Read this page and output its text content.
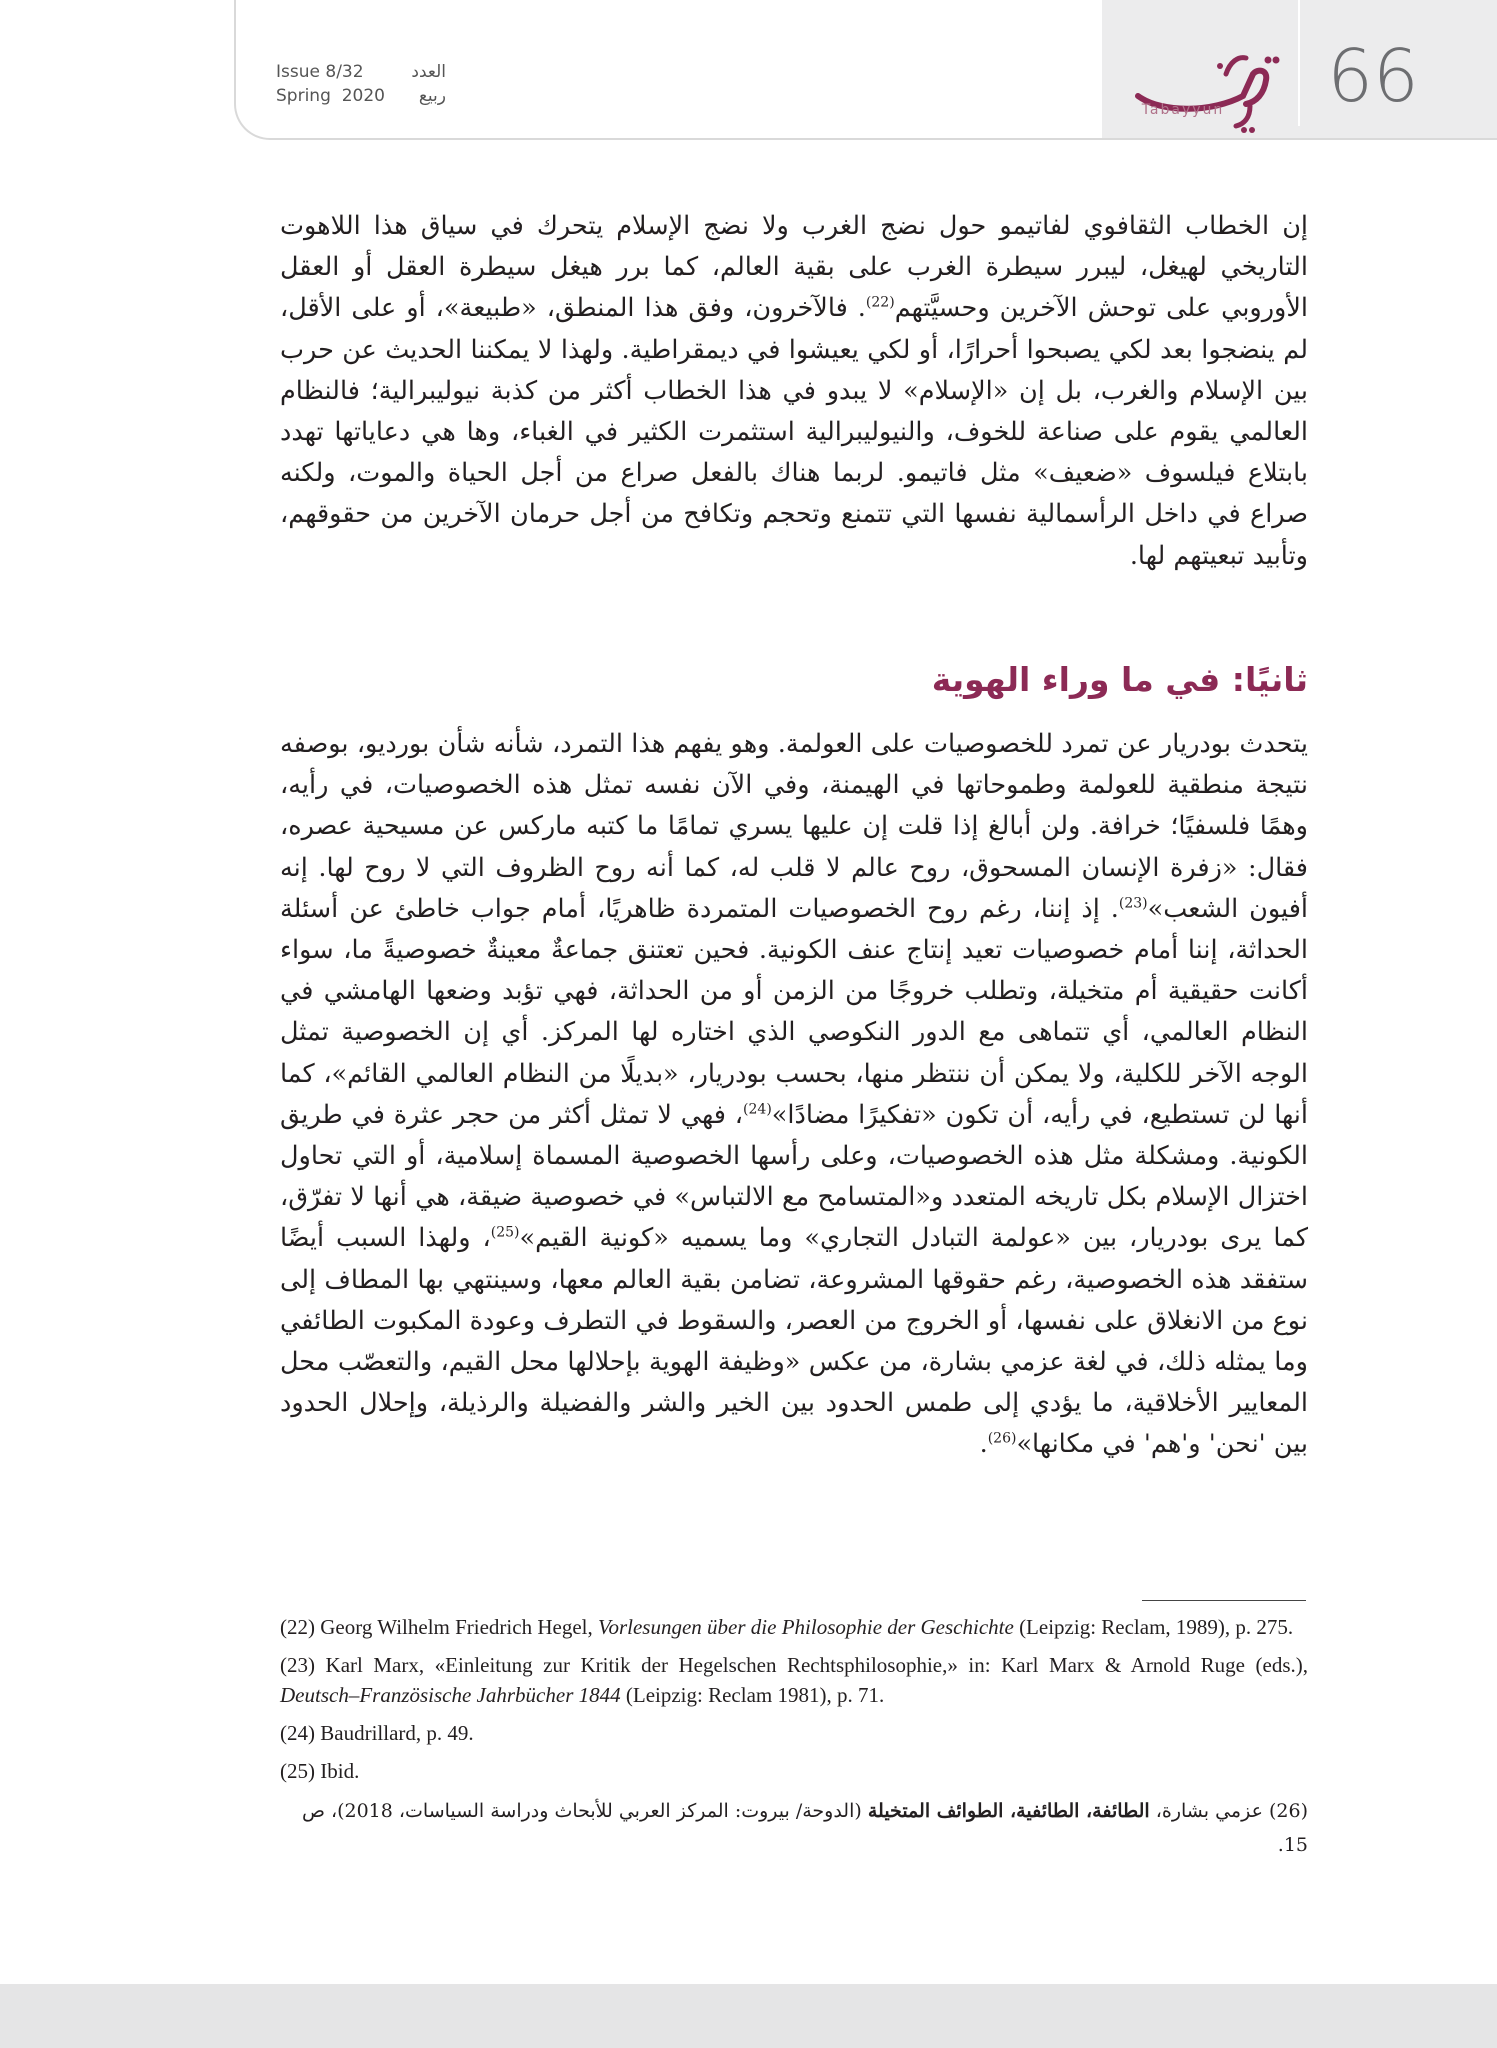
Issue 8/32	العدد
Spring 2020 ربيع
Tabayyun 66
إن الخطاب الثقافوي لفاتيمو حول نضج الغرب ولا نضج الإسلام يتحرك في سياق هذا اللاهوت التاريخي لهيغل، ليبرر سيطرة الغرب على بقية العالم، كما برر هيغل سيطرة العقل أو العقل الأوروبي على توحش الآخرين وحسيَّتهم$^{(22)}$. فالآخرون، وفق هذا المنطق، «طبيعة»، أو على الأقل، لم ينضجوا بعد لكي يصبحوا أحرارًا، أو لكي يعيشوا في ديمقراطية. ولهذا لا يمكننا الحديث عن حرب بين الإسلام والغرب، بل إن «الإسلام» لا يبدو في هذا الخطاب أكثر من كذبة نيوليبرالية؛ فالنظام العالمي يقوم على صناعة للخوف، والنيوليبرالية استثمرت الكثير في الغباء، وها هي دعاياتها تهدد بابتلاع فيلسوف «ضعيف» مثل فاتيمو. لربما هناك بالفعل صراع من أجل الحياة والموت، ولكنه صراع في داخل الرأسمالية نفسها التي تتمنع وتحجم وتكافح من أجل حرمان الآخرين من حقوقهم، وتأبيد تبعيتهم لها.
ثانيًا: في ما وراء الهوية
يتحدث بودريار عن تمرد للخصوصيات على العولمة. وهو يفهم هذا التمرد، شأنه شأن بورديو، بوصفه نتيجة منطقية للعولمة وطموحاتها في الهيمنة، وفي الآن نفسه تمثل هذه الخصوصيات، في رأيه، وهمًا فلسفيًا؛ خرافة. ولن أبالغ إذا قلت إن عليها يسري تمامًا ما كتبه ماركس عن مسيحية عصره، فقال: «زفرة الإنسان المسحوق، روح عالم لا قلب له، كما أنه روح الظروف التي لا روح لها. إنه أفيون الشعب»$^{(23)}$. إذ إننا، رغم روح الخصوصيات المتمردة ظاهريًا، أمام جواب خاطئ عن أسئلة الحداثة، إننا أمام خصوصيات تعيد إنتاج عنف الكونية. فحين تعتنق جماعةٌ معينةٌ خصوصيةً ما، سواء أكانت حقيقية أم متخيلة، وتطلب خروجًا من الزمن أو من الحداثة، فهي تؤبد وضعها الهامشي في النظام العالمي، أي تتماهى مع الدور النكوصي الذي اختاره لها المركز. أي إن الخصوصية تمثل الوجه الآخر للكلية، ولا يمكن أن ننتظر منها، بحسب بودريار، «بديلًا من النظام العالمي القائم»، كما أنها لن تستطيع، في رأيه، أن تكون «تفكيرًا مضادًا»$^{(24)}$، فهي لا تمثل أكثر من حجر عثرة في طريق الكونية. ومشكلة مثل هذه الخصوصيات، وعلى رأسها الخصوصية المسماة إسلامية، أو التي تحاول اختزال الإسلام بكل تاريخه المتعدد و«المتسامح مع الالتباس» في خصوصية ضيقة، هي أنها لا تفرّق، كما يرى بودريار، بين «عولمة التبادل التجاري» وما يسميه «كونية القيم»$^{(25)}$، ولهذا السبب أيضًا ستفقد هذه الخصوصية، رغم حقوقها المشروعة، تضامن بقية العالم معها، وسينتهي بها المطاف إلى نوع من الانغلاق على نفسها، أو الخروج من العصر، والسقوط في التطرف وعودة المكبوت الطائفي وما يمثله ذلك، في لغة عزمي بشارة، من عكس «وظيفة الهوية بإحلالها محل القيم، والتعصّب محل المعايير الأخلاقية، ما يؤدي إلى طمس الحدود بين الخير والشر والفضيلة والرذيلة، وإحلال الحدود بين 'نحن' و'هم' في مكانها»$^{(26)}$.

(22) Georg Wilhelm Friedrich Hegel, Vorlesungen über die Philosophie der Geschichte (Leipzig: Reclam, 1989), p. 275.

(23) Karl Marx, «Einleitung zur Kritik der Hegelschen Rechtsphilosophie,» in: Karl Marx & Arnold Ruge (eds.), Deutsch–Französische Jahrbücher 1844 (Leipzig: Reclam 1981), p. 71.

(24) Baudrillard, p. 49.

(25) Ibid.

(26) عزمي بشارة، الطائفة، الطائفية، الطوائف المتخيلة (الدوحة/ بيروت: المركز العربي للأبحاث ودراسة السياسات، 2018)، ص 15.
